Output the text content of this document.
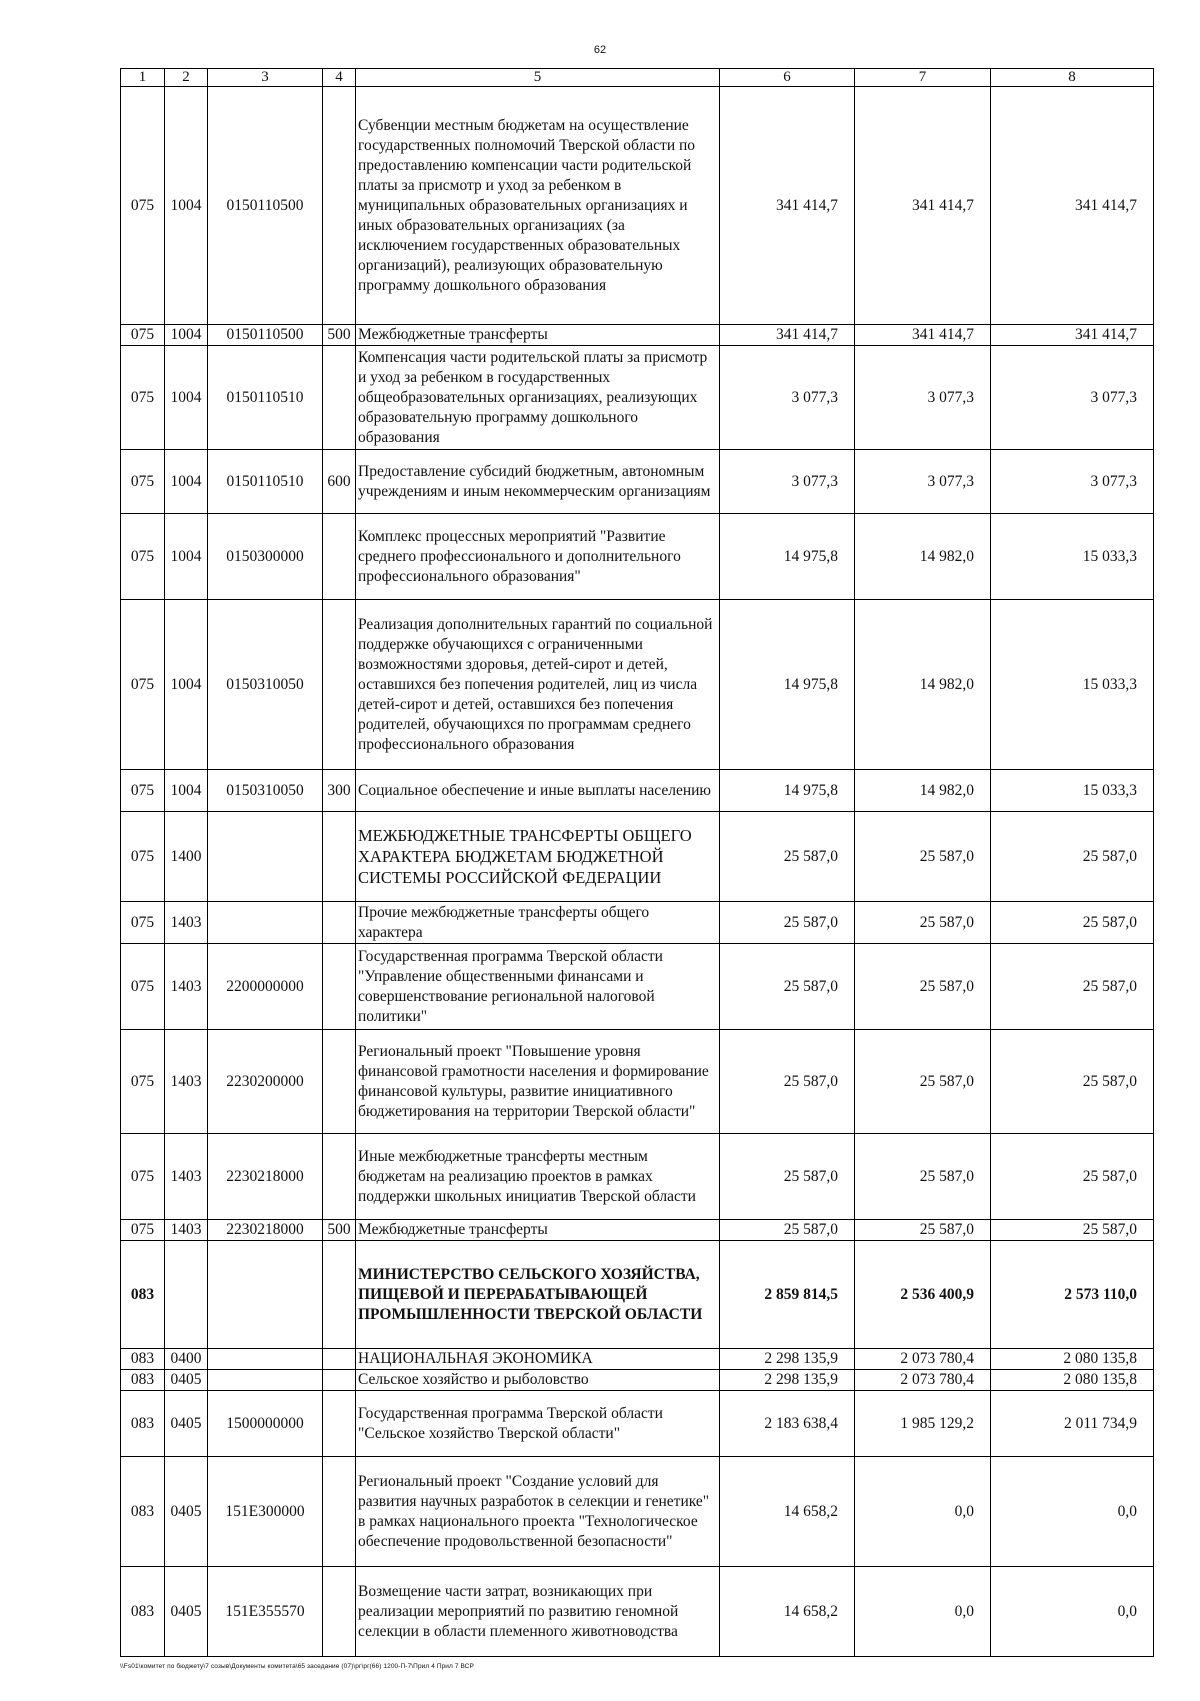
62
1	2	3	4	5	6	7	8
075	1004	0150110500		Субвенции местным бюджетам на осуществление государственных полномочий Тверской области по предоставлению компенсации части родительской платы за присмотр и уход за ребенком в муниципальных образовательных организациях и иных образовательных организациях (за исключением государственных образовательных организаций), реализующих образовательную программу дошкольного образования	341 414,7	341 414,7	341 414,7
075	1004	0150110500	500	Межбюджетные трансферты	341 414,7	341 414,7	341 414,7
075	1004	0150110510		Компенсация части родительской платы за присмотр и уход за ребенком в государственных общеобразовательных организациях, реализующих образовательную программу дошкольного образования	3 077,3	3 077,3	3 077,3
075	1004	0150110510	600	Предоставление субсидий бюджетным, автономным учреждениям и иным некоммерческим организациям	3 077,3	3 077,3	3 077,3
075	1004	0150300000		Комплекс процессных мероприятий "Развитие среднего профессионального и дополнительного профессионального образования"	14 975,8	14 982,0	15 033,3
075	1004	0150310050		Реализация дополнительных гарантий по социальной поддержке обучающихся с ограниченными возможностями здоровья, детей-сирот и детей, оставшихся без попечения родителей, лиц из числа детей-сирот и детей, оставшихся без попечения родителей, обучающихся по программам среднего профессионального образования	14 975,8	14 982,0	15 033,3
075	1004	0150310050	300	Социальное обеспечение и иные выплаты населению	14 975,8	14 982,0	15 033,3
075	1400			МЕЖБЮДЖЕТНЫЕ ТРАНСФЕРТЫ ОБЩЕГО ХАРАКТЕРА БЮДЖЕТАМ БЮДЖЕТНОЙ СИСТЕМЫ РОССИЙСКОЙ ФЕДЕРАЦИИ	25 587,0	25 587,0	25 587,0
075	1403			Прочие межбюджетные трансферты общего характера	25 587,0	25 587,0	25 587,0
075	1403	2200000000		Государственная программа Тверской области "Управление общественными финансами и совершенствование региональной налоговой политики"	25 587,0	25 587,0	25 587,0
075	1403	2230200000		Региональный проект "Повышение уровня финансовой грамотности населения и формирование финансовой культуры, развитие инициативного бюджетирования на территории Тверской области"	25 587,0	25 587,0	25 587,0
075	1403	2230218000		Иные межбюджетные трансферты местным бюджетам на реализацию проектов в рамках поддержки школьных инициатив Тверской области	25 587,0	25 587,0	25 587,0
075	1403	2230218000	500	Межбюджетные трансферты	25 587,0	25 587,0	25 587,0
083				МИНИСТЕРСТВО СЕЛЬСКОГО ХОЗЯЙСТВА, ПИЩЕВОЙ И ПЕРЕРАБАТЫВАЮЩЕЙ ПРОМЫШЛЕННОСТИ ТВЕРСКОЙ ОБЛАСТИ	2 859 814,5	2 536 400,9	2 573 110,0
083	0400			НАЦИОНАЛЬНАЯ ЭКОНОМИКА	2 298 135,9	2 073 780,4	2 080 135,8
083	0405			Сельское хозяйство и рыболовство	2 298 135,9	2 073 780,4	2 080 135,8
083	0405	1500000000		Государственная программа Тверской области "Сельское хозяйство Тверской области"	2 183 638,4	1 985 129,2	2 011 734,9
083	0405	151Е300000		Региональный проект "Создание условий для развития научных разработок в селекции и генетике" в рамках национального проекта "Технологическое обеспечение продовольственной безопасности"	14 658,2	0,0	0,0
083	0405	151Е355570		Возмещение части затрат, возникающих при реализации мероприятий по развитию геномной селекции в области племенного животноводства	14 658,2	0,0	0,0
\\Fs01\комитет по бюджету\7 созыв\Документы комитета\65 заседание (07)\рг\рг(66) 1200-П-7\Прил 4 Прил 7 ВСР
